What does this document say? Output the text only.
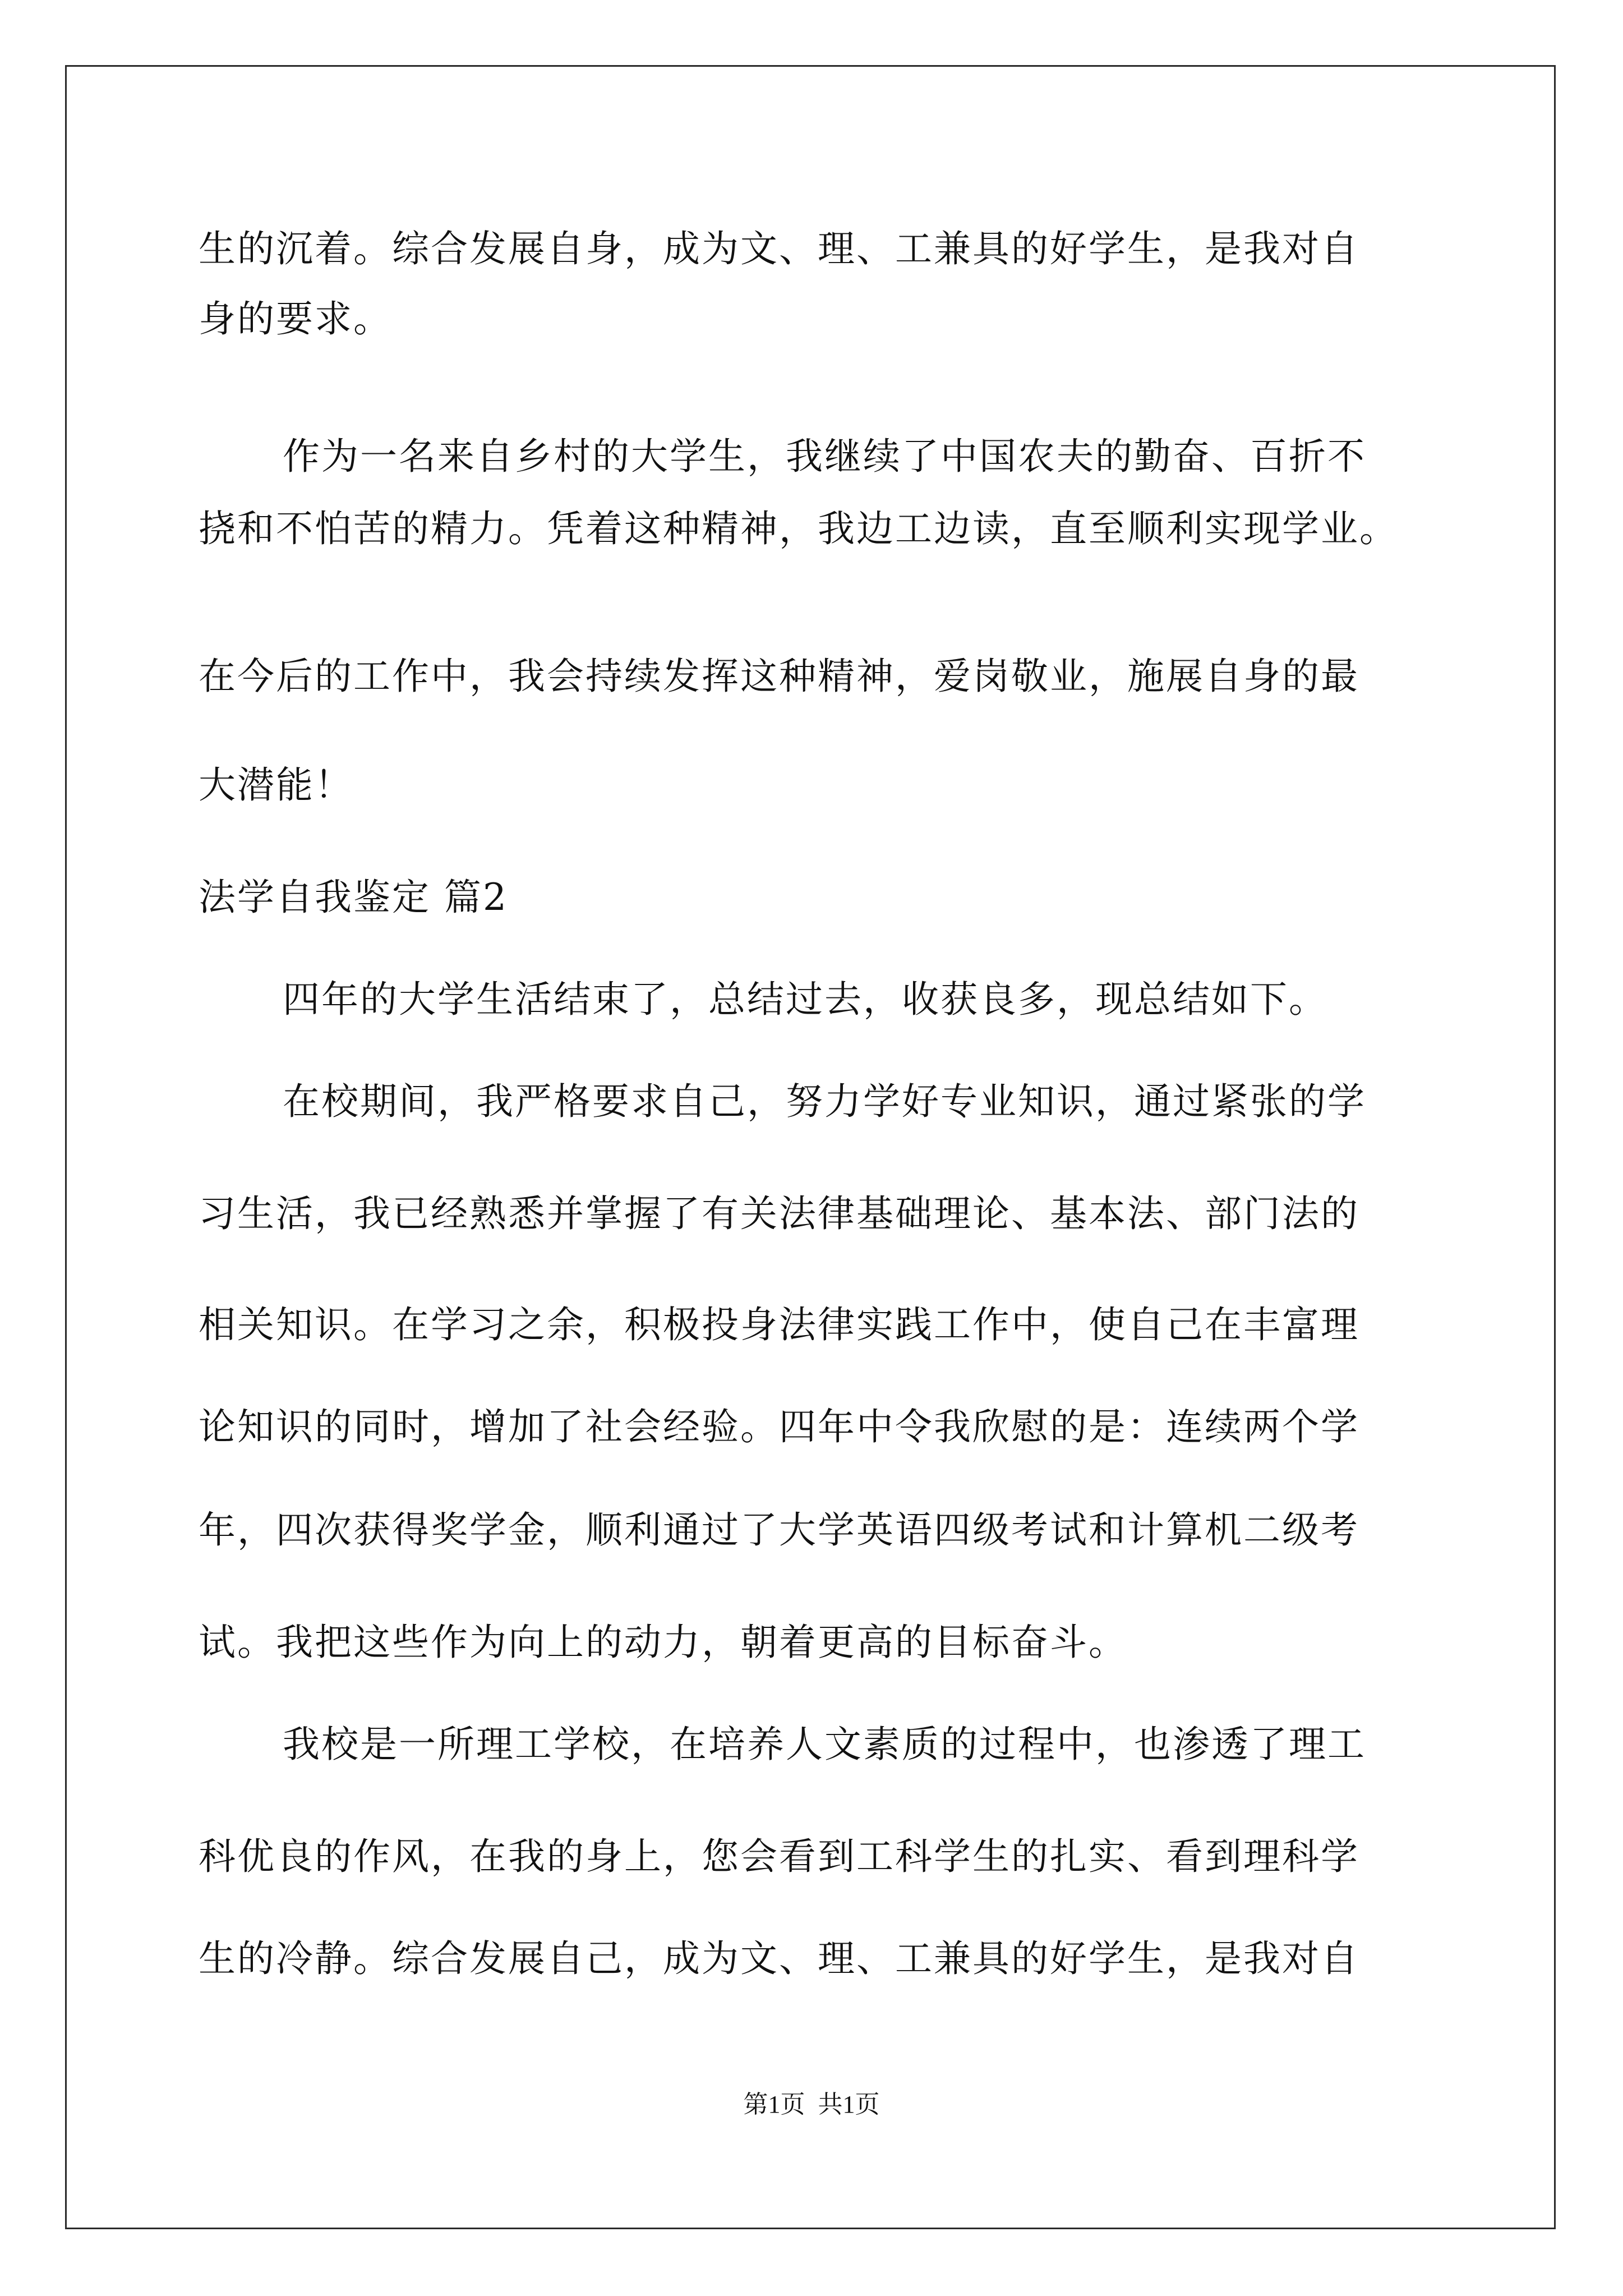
生的沉着。综合发展自身，成为文、理、工兼具的好学生，是我对自
身的要求。
作为一名来自乡村的大学生，我继续了中国农夫的勤奋、百折不
挠和不怕苦的精力。凭着这种精神，我边工边读，直至顺利实现学业。
在今后的工作中，我会持续发挥这种精神，爱岗敬业，施展自身的最
大潜能！
法学自我鉴定 篇2
四年的大学生活结束了，总结过去，收获良多，现总结如下。
在校期间，我严格要求自己，努力学好专业知识，通过紧张的学
习生活，我已经熟悉并掌握了有关法律基础理论、基本法、部门法的
相关知识。在学习之余，积极投身法律实践工作中，使自己在丰富理
论知识的同时，增加了社会经验。四年中令我欣慰的是：连续两个学
年，四次获得奖学金，顺利通过了大学英语四级考试和计算机二级考
试。我把这些作为向上的动力，朝着更高的目标奋斗。
我校是一所理工学校，在培养人文素质的过程中，也渗透了理工
科优良的作风，在我的身上，您会看到工科学生的扎实、看到理科学
生的冷静。综合发展自己，成为文、理、工兼具的好学生，是我对自
第1页 共1页
